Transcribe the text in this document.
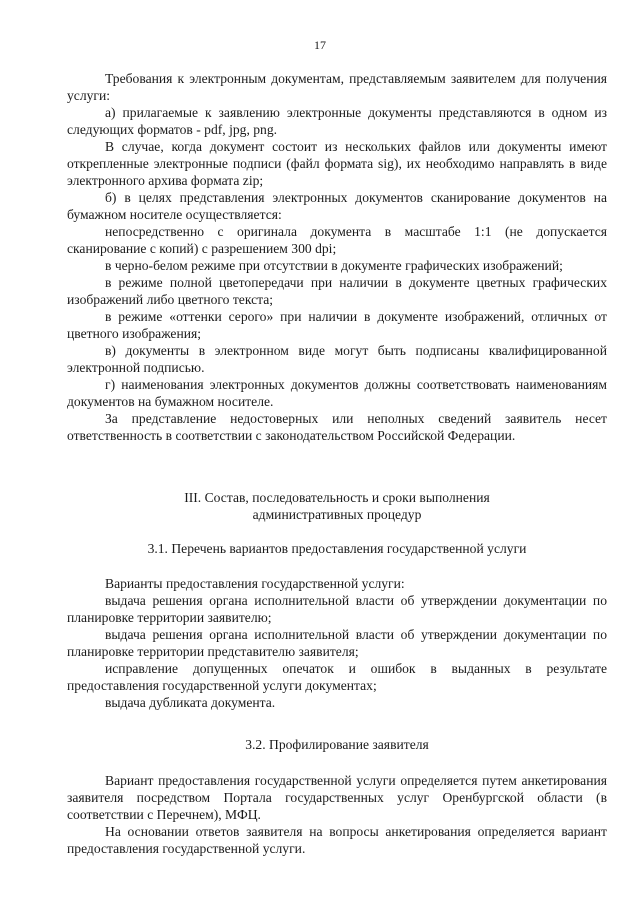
17

Требования к электронным документам, представляемым заявителем для получения услуги:

а) прилагаемые к заявлению электронные документы представляются в одном из следующих форматов - pdf, jpg, png.

В случае, когда документ состоит из нескольких файлов или документы имеют открепленные электронные подписи (файл формата sig), их необходимо направлять в виде электронного архива формата zip;

б) в целях представления электронных документов сканирование документов на бумажном носителе осуществляется:

непосредственно с оригинала документа в масштабе 1:1 (не допускается сканирование с копий) с разрешением 300 dpi;

в черно-белом режиме при отсутствии в документе графических изображений;

в режиме полной цветопередачи при наличии в документе цветных графических изображений либо цветного текста;

в режиме «оттенки серого» при наличии в документе изображений, отличных от цветного изображения;

в) документы в электронном виде могут быть подписаны квалифицированной электронной подписью.

г) наименования электронных документов должны соответствовать наименованиям документов на бумажном носителе.

За представление недостоверных или неполных сведений заявитель несет ответственность в соответствии с законодательством Российской Федерации.

III. Состав, последовательность и сроки выполнения
административных процедур
3.1. Перечень вариантов предоставления государственной услуги

Варианты предоставления государственной услуги:

выдача решения органа исполнительной власти об утверждении документации по планировке территории заявителю;

выдача решения органа исполнительной власти об утверждении документации по планировке территории представителю заявителя;

исправление допущенных опечаток и ошибок в выданных в результате предоставления государственной услуги документах;

выдача дубликата документа.

3.2. Профилирование заявителя

Вариант предоставления государственной услуги определяется путем анкетирования заявителя посредством Портала государственных услуг Оренбургской области (в соответствии с Перечнем), МФЦ.

На основании ответов заявителя на вопросы анкетирования определяется вариант предоставления государственной услуги.
